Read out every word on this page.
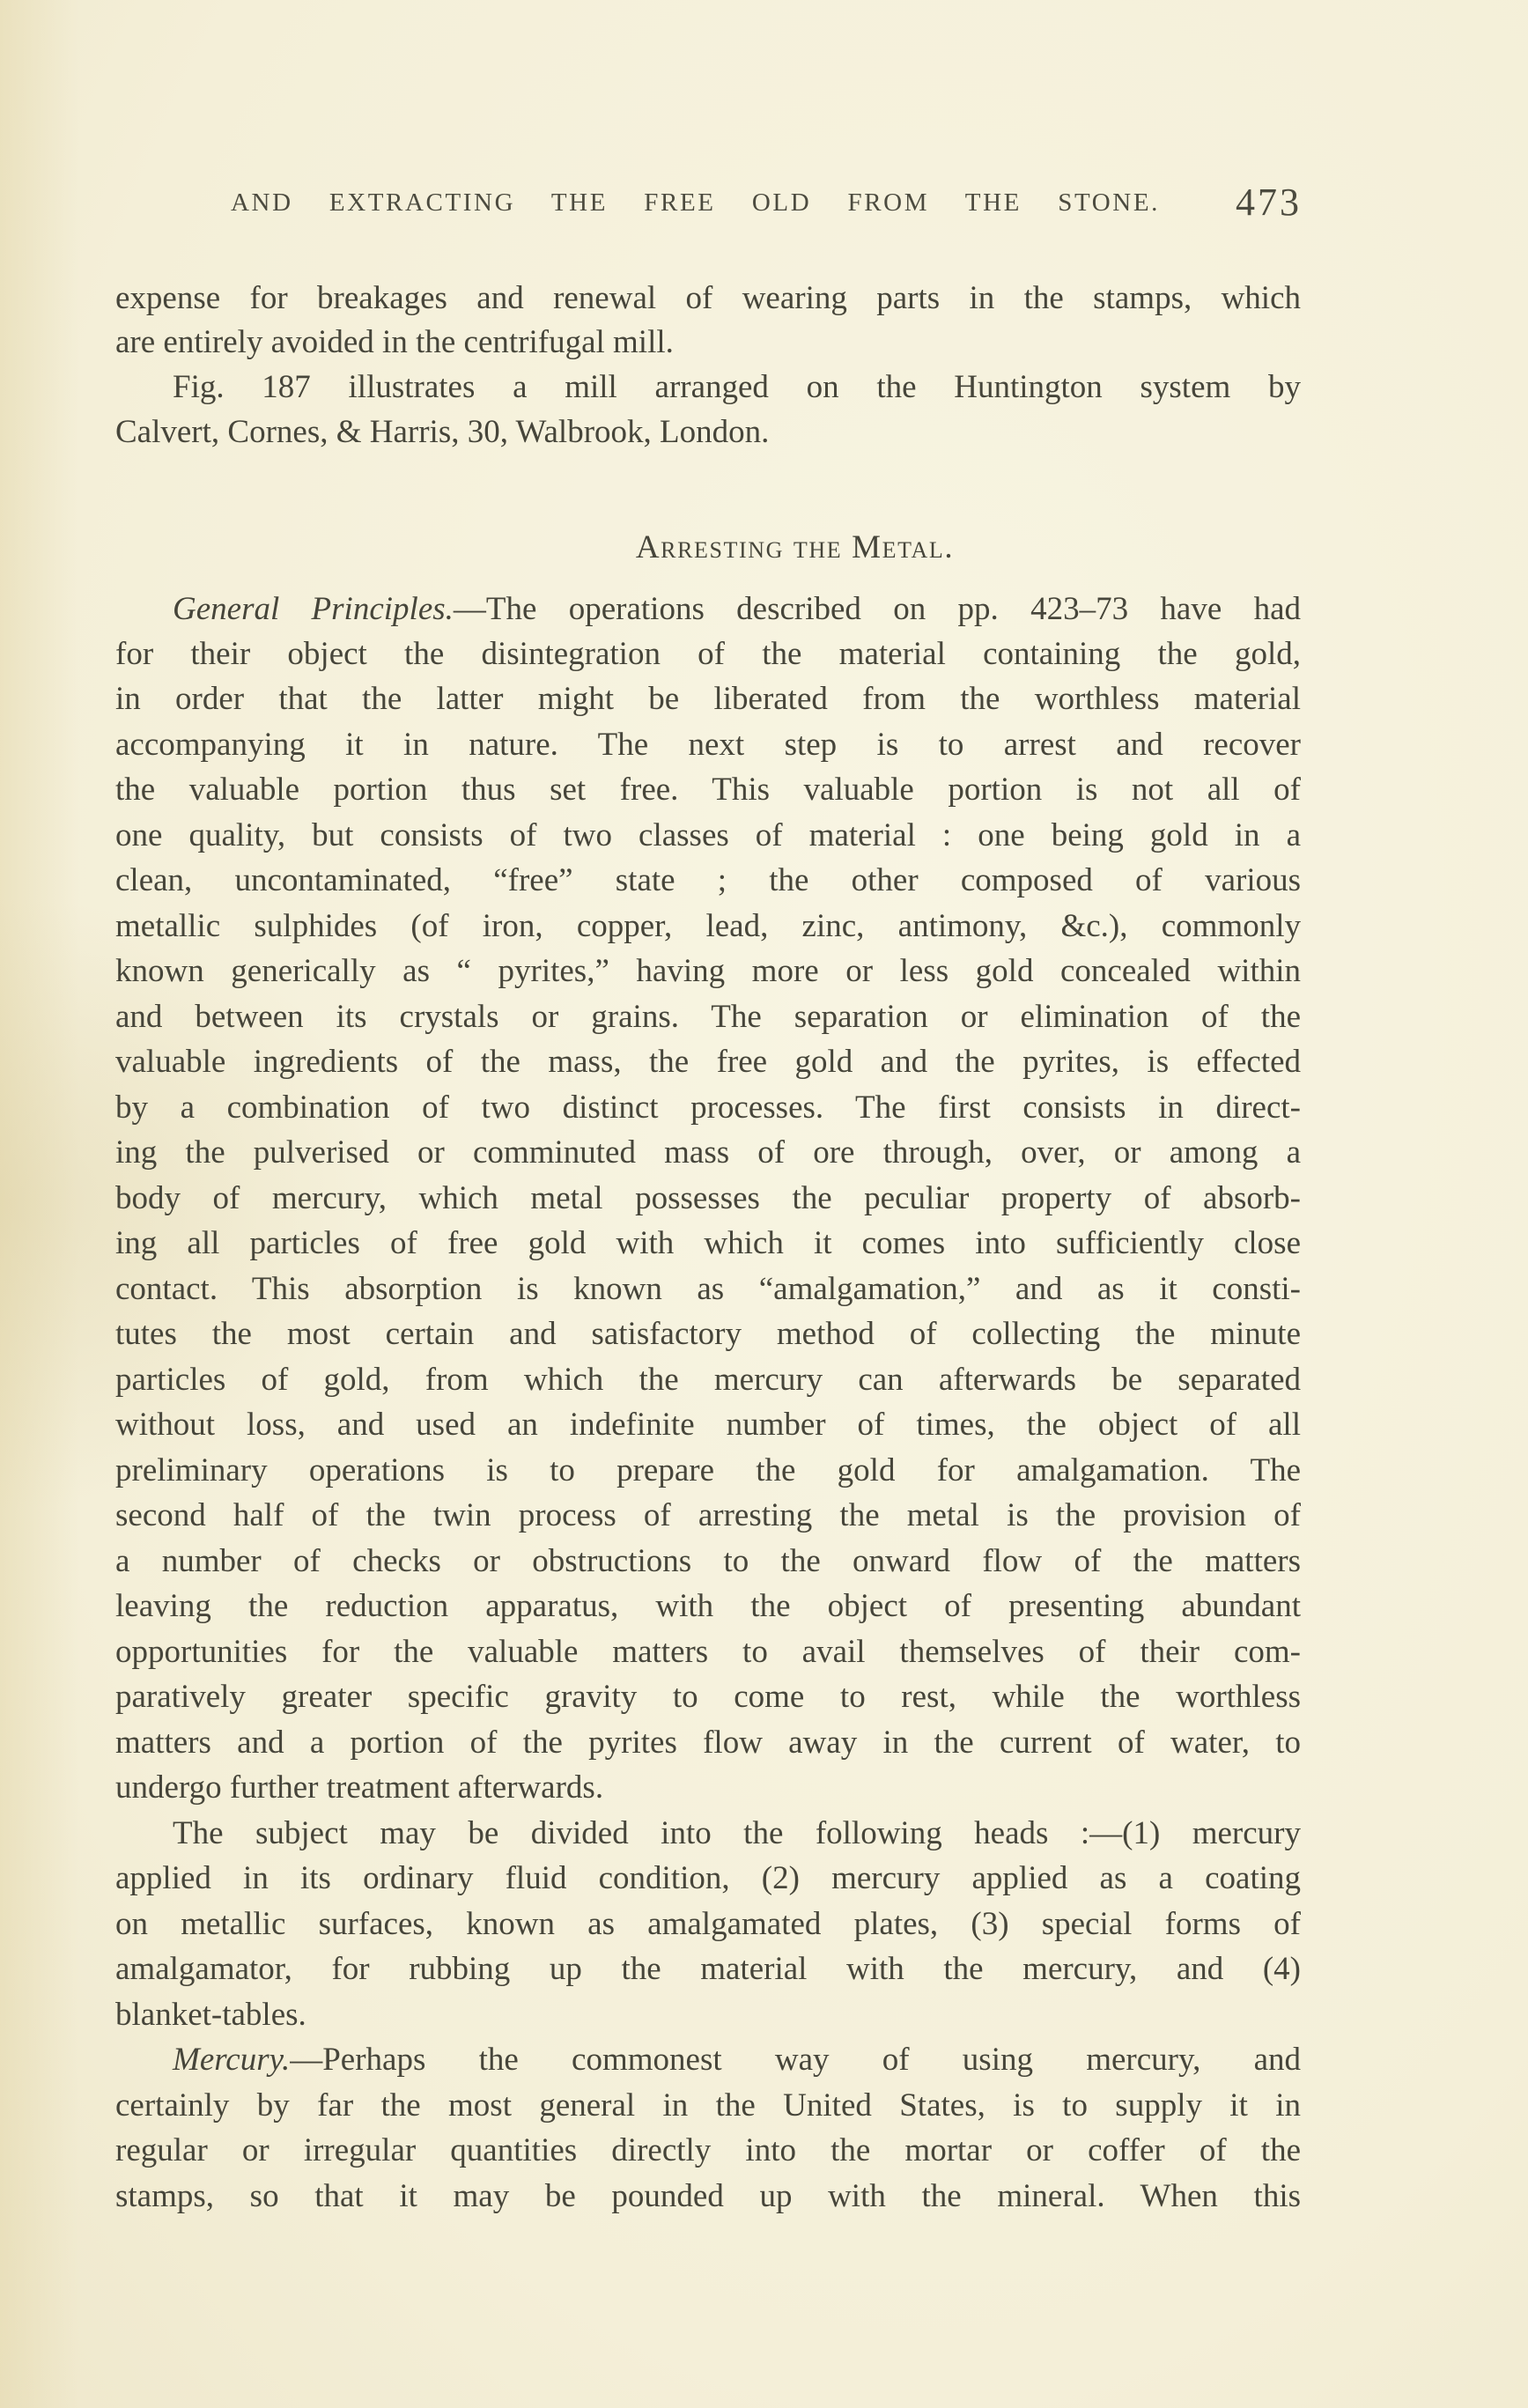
AND EXTRACTING THE FREE OLD FROM THE STONE. 473
expense for breakages and renewal of wearing parts in the stamps, which
are entirely avoided in the centrifugal mill.
Fig. 187 illustrates a mill arranged on the Huntington system by
Calvert, Cornes, & Harris, 30, Walbrook, London.
Arresting the Metal.
General Principles.—The operations described on pp. 423–73 have had
for their object the disintegration of the material containing the gold,
in order that the latter might be liberated from the worthless material
accompanying it in nature. The next step is to arrest and recover
the valuable portion thus set free. This valuable portion is not all of
one quality, but consists of two classes of material : one being gold in a
clean, uncontaminated, “free” state ; the other composed of various
metallic sulphides (of iron, copper, lead, zinc, antimony, &c.), commonly
known generically as “ pyrites,” having more or less gold concealed within
and between its crystals or grains. The separation or elimination of the
valuable ingredients of the mass, the free gold and the pyrites, is effected
by a combination of two distinct processes. The first consists in direct-
ing the pulverised or comminuted mass of ore through, over, or among a
body of mercury, which metal possesses the peculiar property of absorb-
ing all particles of free gold with which it comes into sufficiently close
contact. This absorption is known as “amalgamation,” and as it consti-
tutes the most certain and satisfactory method of collecting the minute
particles of gold, from which the mercury can afterwards be separated
without loss, and used an indefinite number of times, the object of all
preliminary operations is to prepare the gold for amalgamation. The
second half of the twin process of arresting the metal is the provision of
a number of checks or obstructions to the onward flow of the matters
leaving the reduction apparatus, with the object of presenting abundant
opportunities for the valuable matters to avail themselves of their com-
paratively greater specific gravity to come to rest, while the worthless
matters and a portion of the pyrites flow away in the current of water, to
undergo further treatment afterwards.
The subject may be divided into the following heads :—(1) mercury
applied in its ordinary fluid condition, (2) mercury applied as a coating
on metallic surfaces, known as amalgamated plates, (3) special forms of
amalgamator, for rubbing up the material with the mercury, and (4)
blanket-tables.
Mercury.—Perhaps the commonest way of using mercury, and
certainly by far the most general in the United States, is to supply it in
regular or irregular quantities directly into the mortar or coffer of the
stamps, so that it may be pounded up with the mineral. When this
